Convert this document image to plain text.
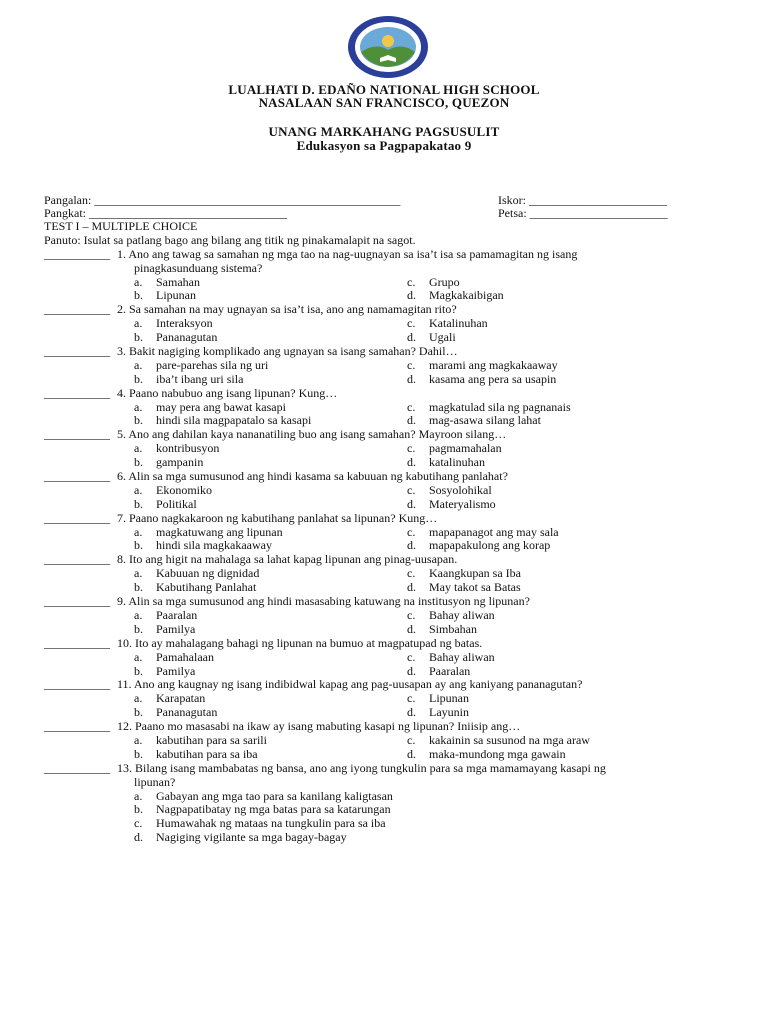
LUALHATI D. EDAÑO NATIONAL HIGH SCHOOL
NASALAAN SAN FRANCISCO, QUEZON
UNANG MARKAHANG PAGSUSULIT
Edukasyon sa Pagpapakatao 9
Pangalan: ___________________________________________________	Iskor: _______________________
Pangkat: _________________________________	Petsa: _______________________
TEST I – MULTIPLE CHOICE
Panuto: Isulat sa patlang bago ang bilang ang titik ng pinakamalapit na sagot.
___________ 1. Ano ang tawag sa samahan ng mga tao na nag-uugnayan sa isa’t isa sa pamamagitan ng isang
pinagkasunduang sistema?
a. Samahan	c. Grupo
b. Lipunan	d. Magkakaibigan
___________ 2. Sa samahan na may ugnayan sa isa’t isa, ano ang namamagitan rito?
a. Interaksyon	c. Katalinuhan
b. Pananagutan	d. Ugali
___________ 3. Bakit nagiging komplikado ang ugnayan sa isang samahan? Dahil…
a. pare-parehas sila ng uri	c. marami ang magkakaaway
b. iba’t ibang uri sila	d. kasama ang pera sa usapin
___________ 4. Paano nabubuo ang isang lipunan? Kung…
a. may pera ang bawat kasapi	c. magkatulad sila ng pagnanais
b. hindi sila magpapatalo sa kasapi	d. mag-asawa silang lahat
___________ 5. Ano ang dahilan kaya nananatiling buo ang isang samahan? Mayroon silang…
a. kontribusyon	c. pagmamahalan
b. gampanin	d. katalinuhan
___________ 6. Alin sa mga sumusunod ang hindi kasama sa kabuuan ng kabutihang panlahat?
a. Ekonomiko	c. Sosyolohikal
b. Politikal	d. Materyalismo
___________ 7. Paano nagkakaroon ng kabutihang panlahat sa lipunan? Kung…
a. magkatuwang ang lipunan	c. mapapanagot ang may sala
b. hindi sila magkakaaway	d. mapapakulong ang korap
___________ 8. Ito ang higit na mahalaga sa lahat kapag lipunan ang pinag-uusapan.
a. Kabuuan ng dignidad	c. Kaangkupan sa Iba
b. Kabutihang Panlahat	d. May takot sa Batas
___________ 9. Alin sa mga sumusunod ang hindi masasabing katuwang na institusyon ng lipunan?
a. Paaralan	c. Bahay aliwan
b. Pamilya	d. Simbahan
___________ 10. Ito ay mahalagang bahagi ng lipunan na bumuo at magpatupad ng batas.
a. Pamahalaan	c. Bahay aliwan
b. Pamilya	d. Paaralan
___________ 11. Ano ang kaugnay ng isang indibidwal kapag ang pag-uusapan ay ang kaniyang pananagutan?
a. Karapatan	c. Lipunan
b. Pananagutan	d. Layunin
___________ 12. Paano mo masasabi na ikaw ay isang mabuting kasapi ng lipunan? Iniisip ang…
a. kabutihan para sa sarili	c. kakainin sa susunod na mga araw
b. kabutihan para sa iba	d. maka-mundong mga gawain
___________ 13. Bilang isang mambabatas ng bansa, ano ang iyong tungkulin para sa mga mamamayang kasapi ng
lipunan?
a. Gabayan ang mga tao para sa kanilang kaligtasan
b. Nagpapatibatay ng mga batas para sa katarungan
c. Humawahak ng mataas na tungkulin para sa iba
d. Nagiging vigilante sa mga bagay-bagay
